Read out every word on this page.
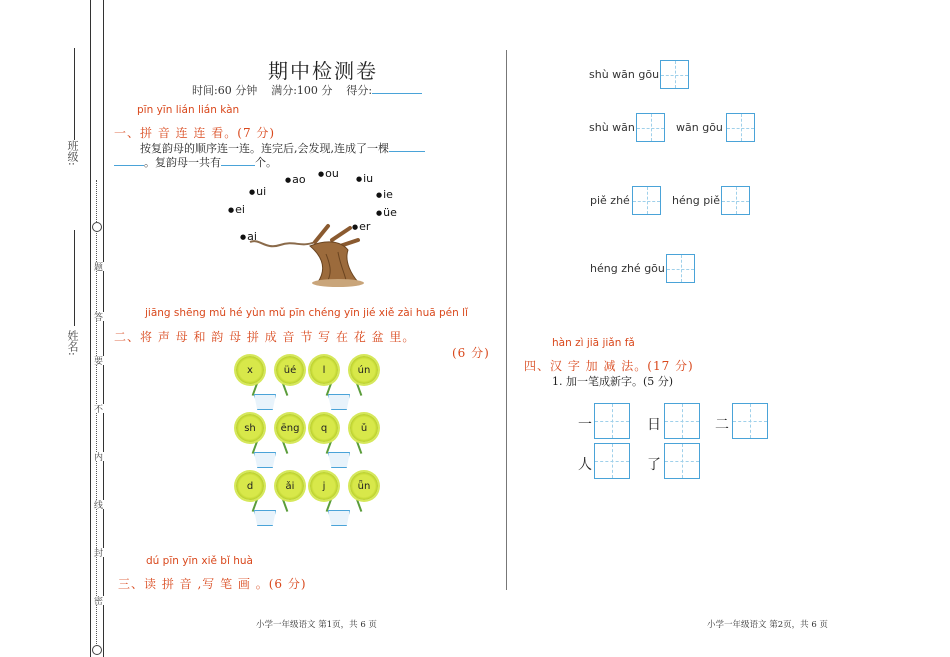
班级:
姓名:
题
答
要
不
内
线
封
密
期中检测卷
时间:60 分钟 满分:100 分 得分:
pīn yīn lián lián kàn
一、拼 音 连 连 看。(7 分)
按复韵母的顺序连一连。连完后,会发现,连成了一棵
。复韵母一共有	个。
● ao	● ou	● iu
● ui	● ie
● ei	● üe
● er
● ai
jiāng shēng mǔ hé yùn mǔ pīn chéng yīn jié xiě zài huā pén lǐ
二、将 声 母 和 韵 母 拼 成 音 节 写 在 花 盆 里。
(6 分)
x	üé	l	ún
sh	ēng	q	ǔ
d	ǎi	j	ǖn
dú pīn yīn xiě bǐ huà
三、读 拼 音 ,写 笔 画 。(6 分)
shù wān gōu
shù wān	wān gōu
piě zhé	héng piě
héng zhé gōu
hàn zì jiā jiǎn fǎ
四、汉 字 加 减 法。(17 分)
1. 加一笔成新字。(5 分)
一	日	二
人	了
小学一年级语文 第1页，共 6 页	小学一年级语文 第2页，共 6 页
